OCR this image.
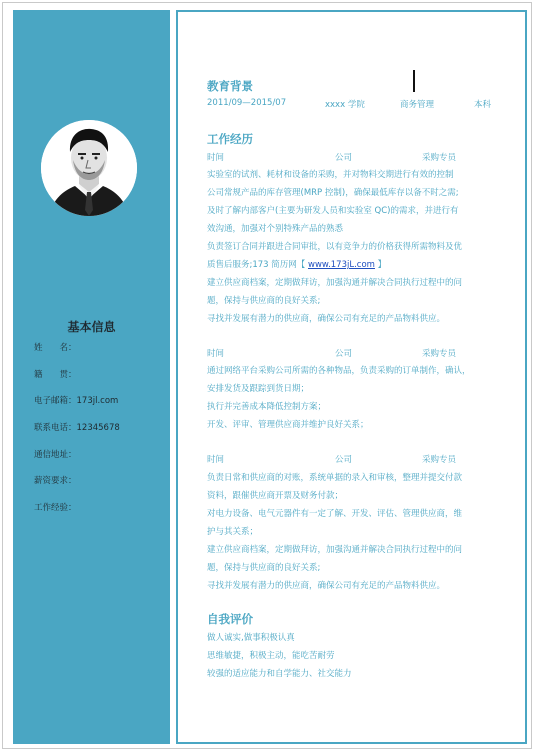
基本信息
姓　　名：
籍　　贯：
电子邮箱：173jl.com
联系电话：12345678
通信地址：
薪资要求：
工作经验：
教育背景
2011/09—2015/07	xxxx 学院	商务管理	本科
工作经历
时间	公司	采购专员
实验室的试剂、耗材和设备的采购，并对物料交期进行有效的控制
公司常规产品的库存管理(MRP 控制)，确保最低库存以备不时之需;
及时了解内部客户(主要为研发人员和实验室 QC)的需求，并进行有
效沟通，加强对个别特殊产品的熟悉
负责签订合同并跟进合同审批，以有竞争力的价格获得所需物料及优
质售后服务;173 简历网【 www.173jL.com 】
建立供应商档案，定期做拜访，加强沟通并解决合同执行过程中的问
题，保持与供应商的良好关系;
寻找并发展有潜力的供应商，确保公司有充足的产品物料供应。
时间	公司	采购专员
通过网络平台采购公司所需的各种物品，负责采购的订单制作，确认，
安排发货及跟踪到货日期；
执行并完善成本降低控制方案；
开发、评审、管理供应商并维护良好关系；
时间	公司	采购专员
负责日常和供应商的对账，系统单据的录入和审核，整理并提交付款
资料，跟催供应商开票及财务付款；
对电力设备、电气元器件有一定了解、开发、评估、管理供应商，维
护与其关系；
建立供应商档案，定期做拜访，加强沟通并解决合同执行过程中的问
题，保持与供应商的良好关系;
寻找并发展有潜力的供应商，确保公司有充足的产品物料供应。
自我评价
做人诚实,做事积极认真
思维敏捷，积极主动，能吃苦耐劳
较强的适应能力和自学能力、社交能力
